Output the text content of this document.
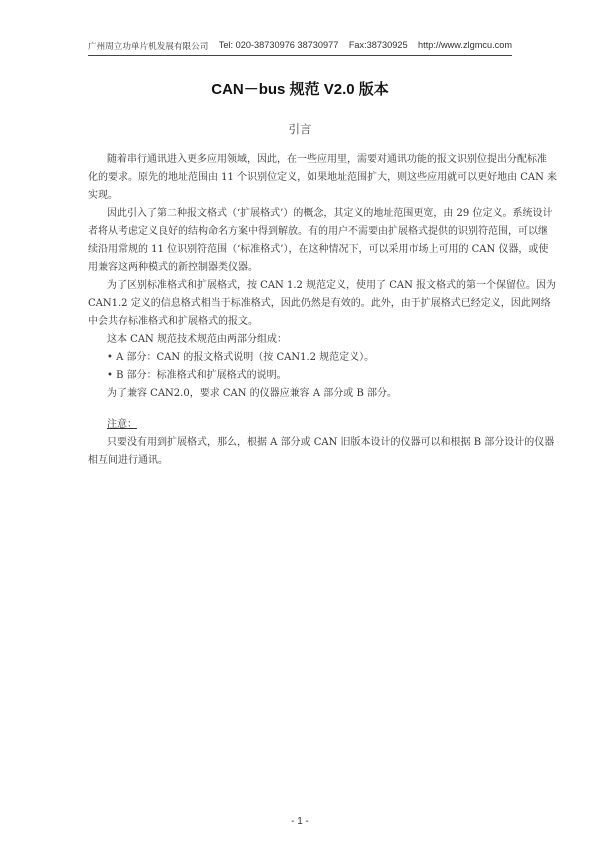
广州周立功单片机发展有限公司 Tel: 020-38730976 38730977 Fax:38730925 http://www.zlgmcu.com
CAN－bus 规范 V2.0 版本
引言
随着串行通讯进入更多应用领域，因此，在一些应用里，需要对通讯功能的报文识别位提出分配标准
化的要求。原先的地址范围由 11 个识别位定义，如果地址范围扩大，则这些应用就可以更好地由 CAN 来
实现。
因此引入了第二种报文格式（‘扩展格式’）的概念，其定义的地址范围更宽，由 29 位定义。系统设计
者将从考虑定义良好的结构命名方案中得到解放。有的用户不需要由扩展格式提供的识别符范围，可以继
续沿用常规的 11 位识别符范围（‘标准格式’），在这种情况下，可以采用市场上可用的 CAN 仪器，或使
用兼容这两种模式的新控制器类仪器。
为了区别标准格式和扩展格式，按 CAN 1.2 规范定义，使用了 CAN 报文格式的第一个保留位。因为
CAN1.2 定义的信息格式相当于标准格式，因此仍然是有效的。此外，由于扩展格式已经定义，因此网络
中会共存标准格式和扩展格式的报文。
这本 CAN 规范技术规范由两部分组成：
• A 部分：CAN 的报文格式说明（按 CAN1.2 规范定义）。
• B 部分：标准格式和扩展格式的说明。
为了兼容 CAN2.0，要求 CAN 的仪器应兼容 A 部分或 B 部分。
注意：
只要没有用到扩展格式，那么，根据 A 部分或 CAN 旧版本设计的仪器可以和根据 B 部分设计的仪器
相互间进行通讯。
- 1 -
